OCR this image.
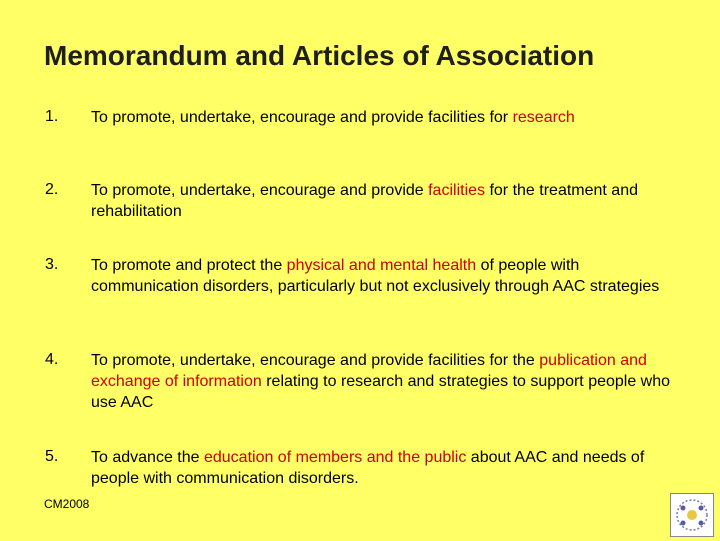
Memorandum and Articles of Association
1. To promote, undertake, encourage and provide facilities for research
2. To promote, undertake, encourage and provide facilities for the treatment and rehabilitation
3. To promote and protect the physical and mental health of people with communication disorders, particularly but not exclusively through AAC strategies
4. To promote, undertake, encourage and provide facilities for the publication and exchange of information relating to research and strategies to support people who use AAC
5. To advance the education of members and the public about AAC and needs of people with communication disorders.
CM2008
